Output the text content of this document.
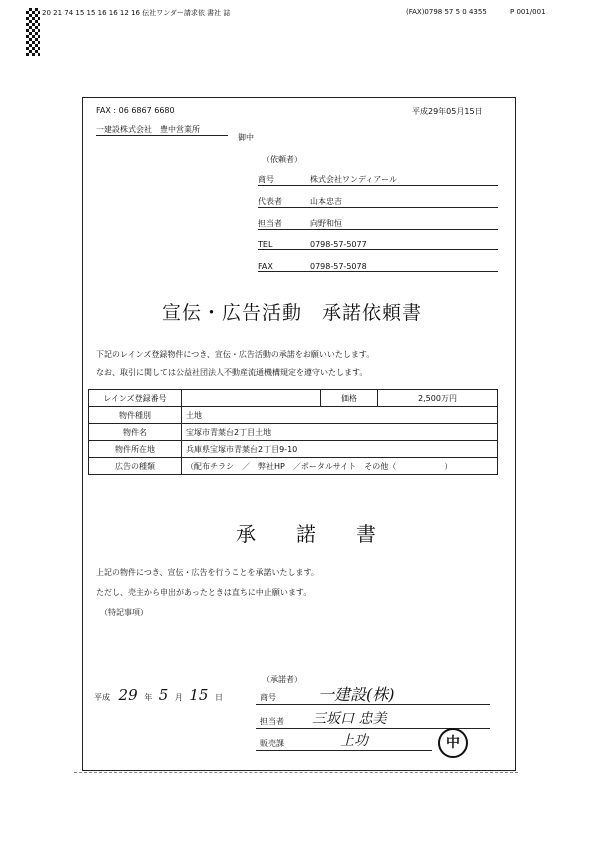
20 21 74 15 15 16 16 12 16 伝社ワンダー請求依 書社 誌	(FAX)0798 57 5 0 4355	P 001/001
FAX : 06 6867 6680	平成29年05月15日
一建設株式会社　豊中営業所
御中
（依頼者）
商号	株式会社ワンディアール
代表者	山本忠吉
担当者	向野和恒
TEL	0798-57-5077
FAX	0798-57-5078
宣伝・広告活動　承諾依頼書
下記のレインズ登録物件につき、宣伝・広告活動の承諾をお願いいたします。
なお、取引に関しては公益社団法人不動産流通機構規定を遵守いたします。
レインズ登録番号		価格	2,500万円
物件種別	土地		
物件名	宝塚市青葉台2丁目土地		
物件所在地	兵庫県宝塚市青葉台2丁目9-10		
広告の種類	（配布チラシ　／　弊社HP　／ポータルサイト　その他（　　　　　　）		
承　　諾　　書
上記の物件につき、宣伝・広告を行うことを承諾いたします。
ただし、売主から申出があったときは直ちに中止願います。
（特記事項）
（承諾者）
平成 29 年 5 月 15 日	商号	一建設(株)
担当者 三坂口 忠美
販売課	上功	中
